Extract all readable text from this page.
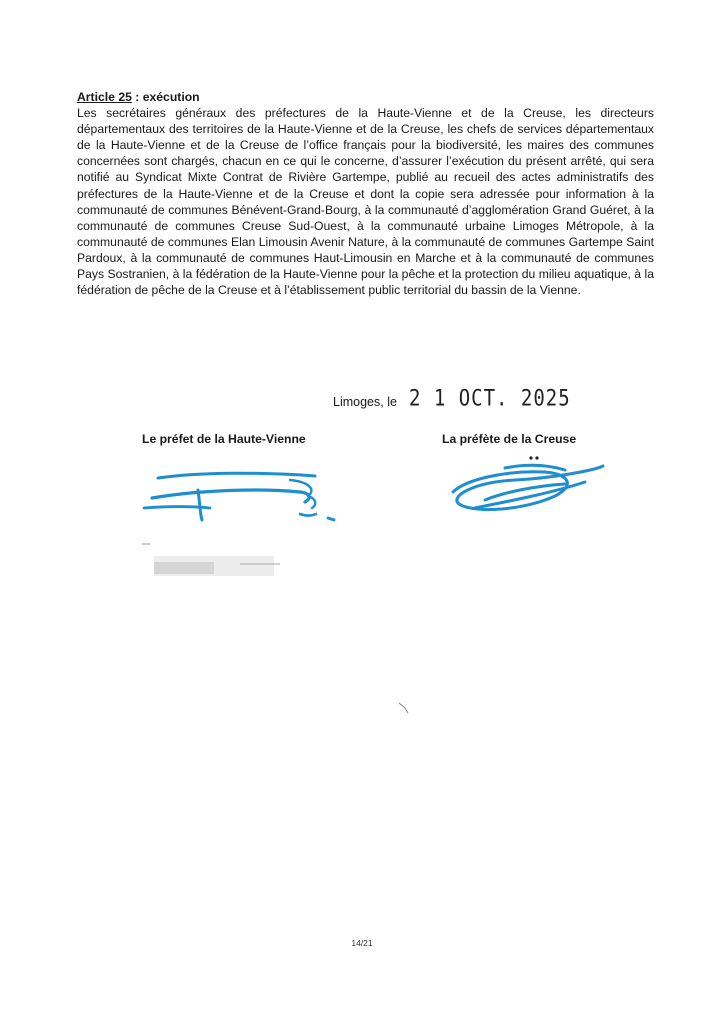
Article 25 : exécution
Les secrétaires généraux des préfectures de la Haute-Vienne et de la Creuse, les directeurs départementaux des territoires de la Haute-Vienne et de la Creuse, les chefs de services départementaux de la Haute-Vienne et de la Creuse de l’office français pour la biodiversité, les maires des communes concernées sont chargés, chacun en ce qui le concerne, d’assurer l’exécution du présent arrêté, qui sera notifié au Syndicat Mixte Contrat de Rivière Gartempe, publié au recueil des actes administratifs des préfectures de la Haute-Vienne et de la Creuse et dont la copie sera adressée pour information à la communauté de communes Bénévent-Grand-Bourg, à la communauté d’agglomération Grand Guéret, à la communauté de communes Creuse Sud-Ouest, à la communauté urbaine Limoges Métropole, à la communauté de communes Elan Limousin Avenir Nature, à la communauté de communes Gartempe Saint Pardoux, à la communauté de communes Haut-Limousin en Marche et à la communauté de communes Pays Sostranien, à la fédération de la Haute-Vienne pour la pêche et la protection du milieu aquatique, à la fédération de pêche de la Creuse et à l’établissement public territorial du bassin de la Vienne.
Limoges, le 2 1 OCT. 2025
Le préfet de la Haute-Vienne	La préfète de la Creuse
14/21
